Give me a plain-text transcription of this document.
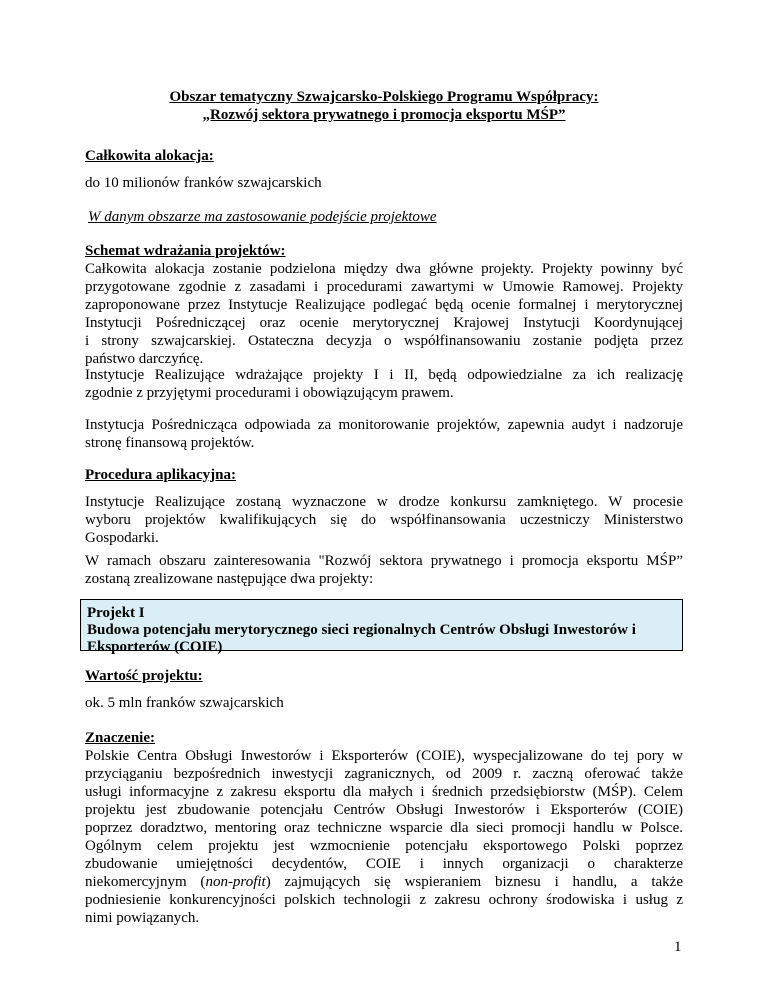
Obszar tematyczny Szwajcarsko-Polskiego Programu Współpracy:
„Rozwój sektora prywatnego i promocja eksportu MŚP”
Całkowita alokacja:
do 10 milionów franków szwajcarskich
W danym obszarze ma zastosowanie podejście projektowe
Schemat wdrażania projektów:
Całkowita alokacja zostanie podzielona między dwa główne projekty. Projekty powinny być
przygotowane zgodnie z zasadami i procedurami zawartymi w Umowie Ramowej. Projekty
zaproponowane przez Instytucje Realizujące podlegać będą ocenie formalnej i merytorycznej
Instytucji Pośredniczącej oraz ocenie merytorycznej Krajowej Instytucji Koordynującej
i strony szwajcarskiej. Ostateczna decyzja o współfinansowaniu zostanie podjęta przez
państwo darczyńcę.
Instytucje Realizujące wdrażające projekty I i II, będą odpowiedzialne za ich realizację
zgodnie z przyjętymi procedurami i obowiązującym prawem.
Instytucja Pośrednicząca odpowiada za monitorowanie projektów, zapewnia audyt i nadzoruje
stronę finansową projektów.
Procedura aplikacyjna:
Instytucje Realizujące zostaną wyznaczone w drodze konkursu zamkniętego. W procesie
wyboru projektów kwalifikujących się do współfinansowania uczestniczy Ministerstwo
Gospodarki.
W ramach obszaru zainteresowania "Rozwój sektora prywatnego i promocja eksportu MŚP”
zostaną zrealizowane następujące dwa projekty:
Projekt I
Budowa potencjału merytorycznego sieci regionalnych Centrów Obsługi Inwestorów i
Eksporterów (COIE)
Wartość projektu:
ok. 5 mln franków szwajcarskich
Znaczenie:
Polskie Centra Obsługi Inwestorów i Eksporterów (COIE), wyspecjalizowane do tej pory w
przyciąganiu bezpośrednich inwestycji zagranicznych, od 2009 r. zaczną oferować także
usługi informacyjne z zakresu eksportu dla małych i średnich przedsiębiorstw (MŚP). Celem
projektu jest zbudowanie potencjału Centrów Obsługi Inwestorów i Eksporterów (COIE)
poprzez doradztwo, mentoring oraz techniczne wsparcie dla sieci promocji handlu w Polsce.
Ogólnym celem projektu jest wzmocnienie potencjału eksportowego Polski poprzez
zbudowanie umiejętności decydentów, COIE i innych organizacji o charakterze
niekomercyjnym (non-profit) zajmujących się wspieraniem biznesu i handlu, a także
podniesienie konkurencyjności polskich technologii z zakresu ochrony środowiska i usług z
nimi powiązanych.
1
